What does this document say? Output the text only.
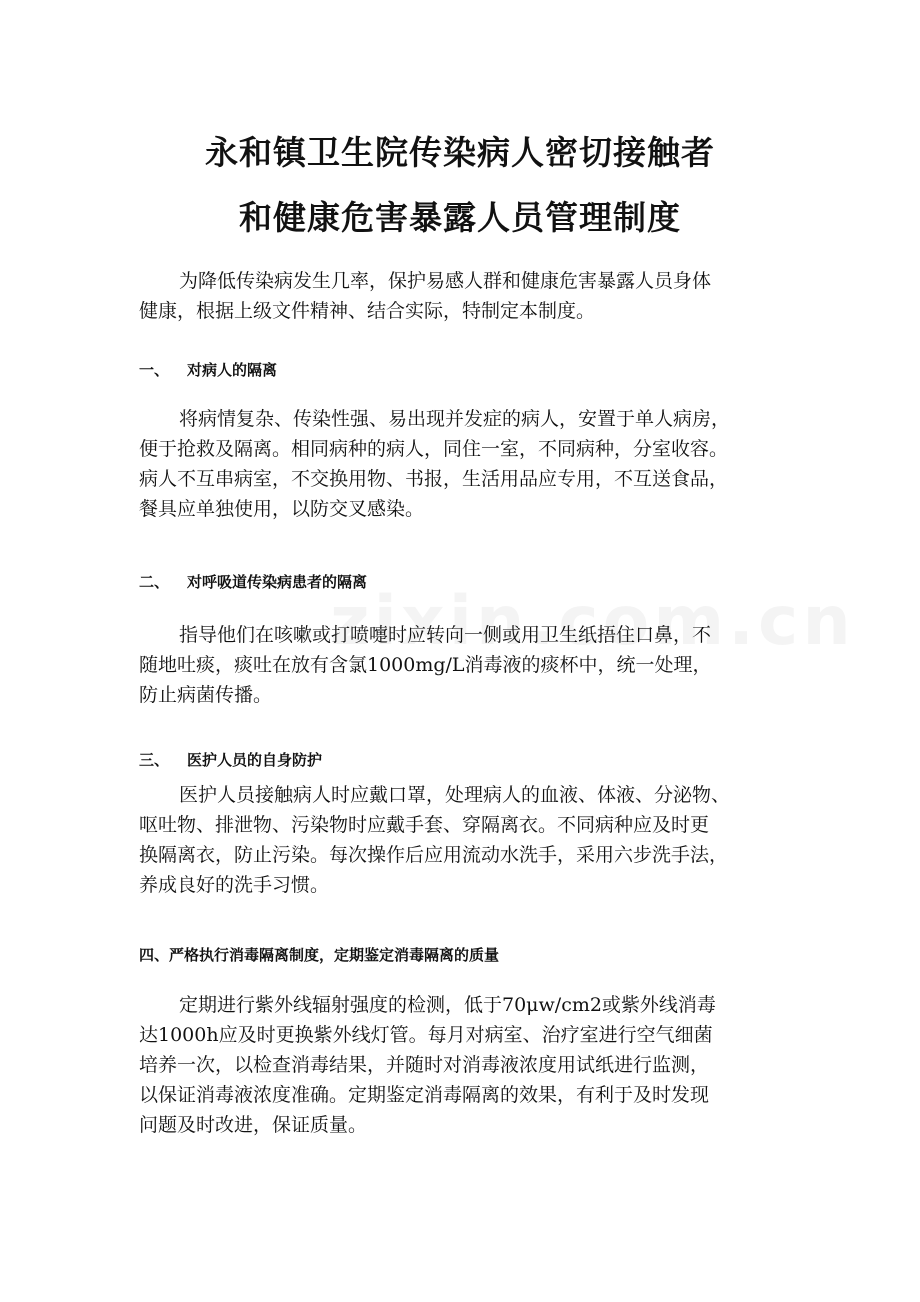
永和镇卫生院传染病人密切接触者
和健康危害暴露人员管理制度
为降低传染病发生几率，保护易感人群和健康危害暴露人员身体
健康，根据上级文件精神、结合实际，特制定本制度。
一、 对病人的隔离
将病情复杂、传染性强、易出现并发症的病人，安置于单人病房，
便于抢救及隔离。相同病种的病人，同住一室，不同病种，分室收容。
病人不互串病室，不交换用物、书报，生活用品应专用，不互送食品，
餐具应单独使用，以防交叉感染。
二、 对呼吸道传染病患者的隔离
指导他们在咳嗽或打喷嚏时应转向一侧或用卫生纸捂住口鼻，不
随地吐痰，痰吐在放有含氯1000mg/L消毒液的痰杯中，统一处理，
防止病菌传播。
三、 医护人员的自身防护
医护人员接触病人时应戴口罩，处理病人的血液、体液、分泌物、
呕吐物、排泄物、污染物时应戴手套、穿隔离衣。不同病种应及时更
换隔离衣，防止污染。每次操作后应用流动水洗手，采用六步洗手法，
养成良好的洗手习惯。
四、严格执行消毒隔离制度，定期鉴定消毒隔离的质量
定期进行紫外线辐射强度的检测，低于70μw/cm2或紫外线消毒
达1000h应及时更换紫外线灯管。每月对病室、治疗室进行空气细菌
培养一次，以检查消毒结果，并随时对消毒液浓度用试纸进行监测，
以保证消毒液浓度准确。定期鉴定消毒隔离的效果，有利于及时发现
问题及时改进，保证质量。
